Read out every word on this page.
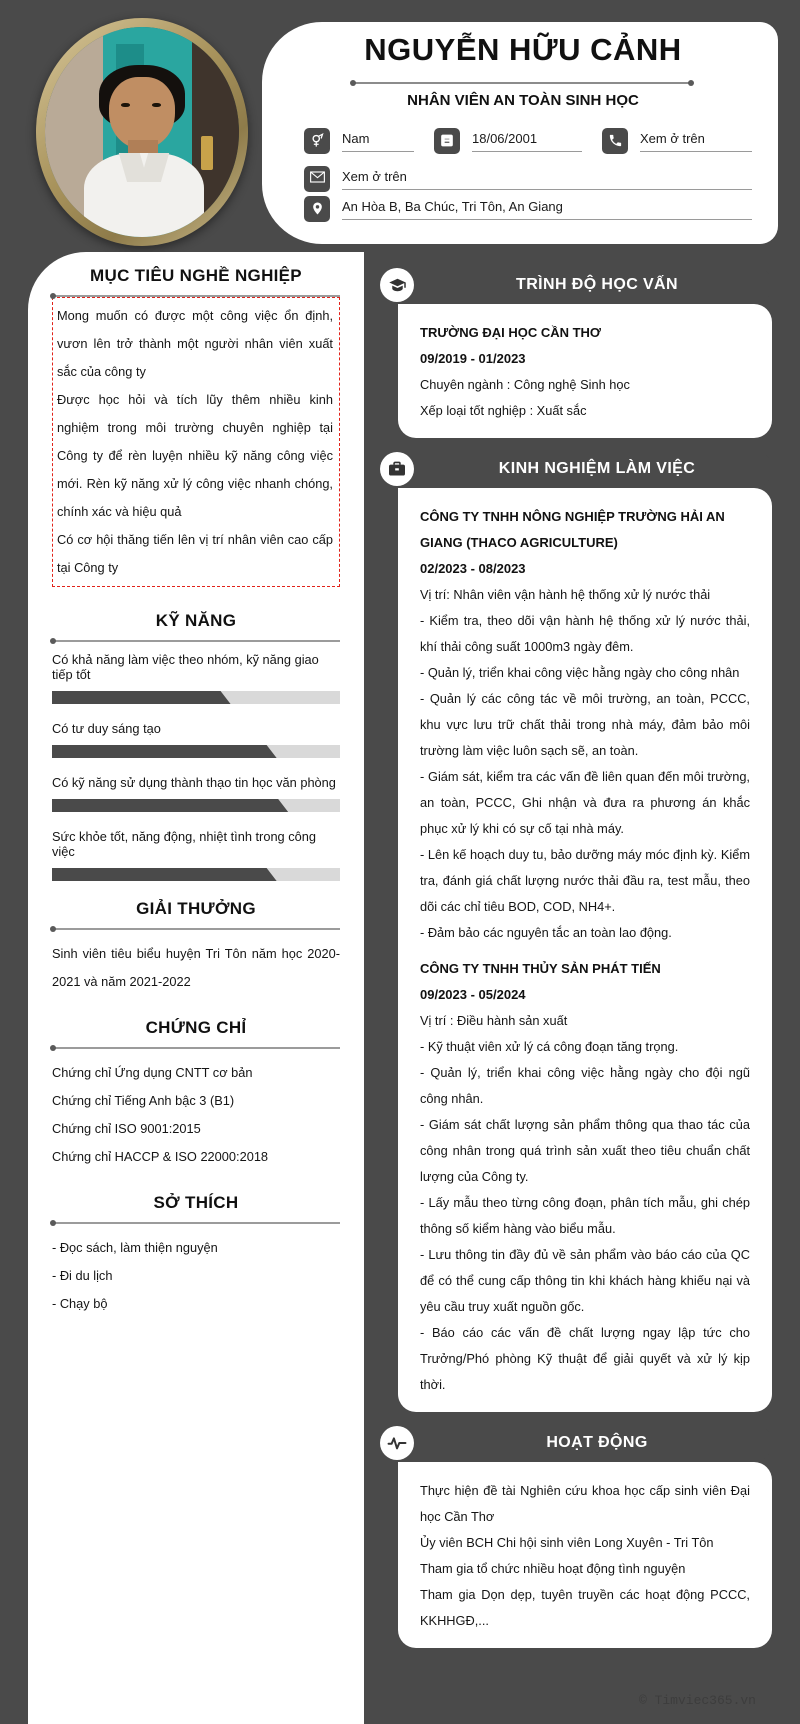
NGUYỄN HỮU CẢNH
NHÂN VIÊN AN TOÀN SINH HỌC
Nam	18/06/2001	Xem ở trên
Xem ở trên
An Hòa B, Ba Chúc, Tri Tôn, An Giang
MỤC TIÊU NGHỀ NGHIỆP
Mong muốn có được một công việc ổn định, vươn lên trở thành một người nhân viên xuất sắc của công ty
Được học hỏi và tích lũy thêm nhiều kinh nghiệm trong môi trường chuyên nghiệp tại Công ty để rèn luyện nhiều kỹ năng công việc mới. Rèn kỹ năng xử lý công việc nhanh chóng, chính xác và hiệu quả
Có cơ hội thăng tiến lên vị trí nhân viên cao cấp tại Công ty
KỸ NĂNG
Có khả năng làm việc theo nhóm, kỹ năng giao tiếp tốt
Có tư duy sáng tạo
Có kỹ năng sử dụng thành thạo tin học văn phòng
Sức khỏe tốt, năng động, nhiệt tình trong công việc
GIẢI THƯỞNG
Sinh viên tiêu biểu huyện Tri Tôn năm học 2020-2021 và năm 2021-2022
CHỨNG CHỈ
Chứng chỉ Ứng dụng CNTT cơ bản
Chứng chỉ Tiếng Anh bậc 3 (B1)
Chứng chỉ ISO 9001:2015
Chứng chỉ HACCP & ISO 22000:2018
SỞ THÍCH
- Đọc sách, làm thiện nguyện
- Đi du lịch
- Chạy bộ
TRÌNH ĐỘ HỌC VẤN
TRƯỜNG ĐẠI HỌC CẦN THƠ
09/2019 - 01/2023
Chuyên ngành : Công nghệ Sinh học
Xếp loại tốt nghiệp : Xuất sắc
KINH NGHIỆM LÀM VIỆC
CÔNG TY TNHH NÔNG NGHIỆP TRƯỜNG HẢI AN GIANG (THACO AGRICULTURE)
02/2023 - 08/2023
Vị trí: Nhân viên vận hành hệ thống xử lý nước thải
- Kiểm tra, theo dõi vận hành hệ thống xử lý nước thải, khí thải công suất 1000m3 ngày đêm.
- Quản lý, triển khai công việc hằng ngày cho công nhân
- Quản lý các công tác về môi trường, an toàn, PCCC, khu vực lưu trữ chất thải trong nhà máy, đảm bảo môi trường làm việc luôn sạch sẽ, an toàn.
- Giám sát, kiểm tra các vấn đề liên quan đến môi trường, an toàn, PCCC, Ghi nhận và đưa ra phương án khắc phục xử lý khi có sự cố tại nhà máy.
- Lên kế hoạch duy tu, bảo dưỡng máy móc định kỳ. Kiểm tra, đánh giá chất lượng nước thải đầu ra, test mẫu, theo dõi các chỉ tiêu BOD, COD, NH4+.
- Đảm bảo các nguyên tắc an toàn lao động.
CÔNG TY TNHH THỦY SẢN PHÁT TIẾN
09/2023 - 05/2024
Vị trí : Điều hành sản xuất
- Kỹ thuật viên xử lý cá công đoạn tăng trọng.
- Quản lý, triển khai công việc hằng ngày cho đội ngũ công nhân.
- Giám sát chất lượng sản phẩm thông qua thao tác của công nhân trong quá trình sản xuất theo tiêu chuẩn chất lượng của Công ty.
- Lấy mẫu theo từng công đoạn, phân tích mẫu, ghi chép thông số kiểm hàng vào biểu mẫu.
- Lưu thông tin đầy đủ về sản phẩm vào báo cáo của QC để có thể cung cấp thông tin khi khách hàng khiếu nại và yêu cầu truy xuất nguồn gốc.
- Báo cáo các vấn đề chất lượng ngay lập tức cho Trưởng/Phó phòng Kỹ thuật để giải quyết và xử lý kịp thời.
HOẠT ĐỘNG
Thực hiện đề tài Nghiên cứu khoa học cấp sinh viên Đại học Cần Thơ
Ủy viên BCH Chi hội sinh viên Long Xuyên - Tri Tôn
Tham gia tổ chức nhiều hoạt động tình nguyện
Tham gia Dọn dẹp, tuyên truyền các hoạt động PCCC, KKHHGĐ,...
© Timviec365.vn
